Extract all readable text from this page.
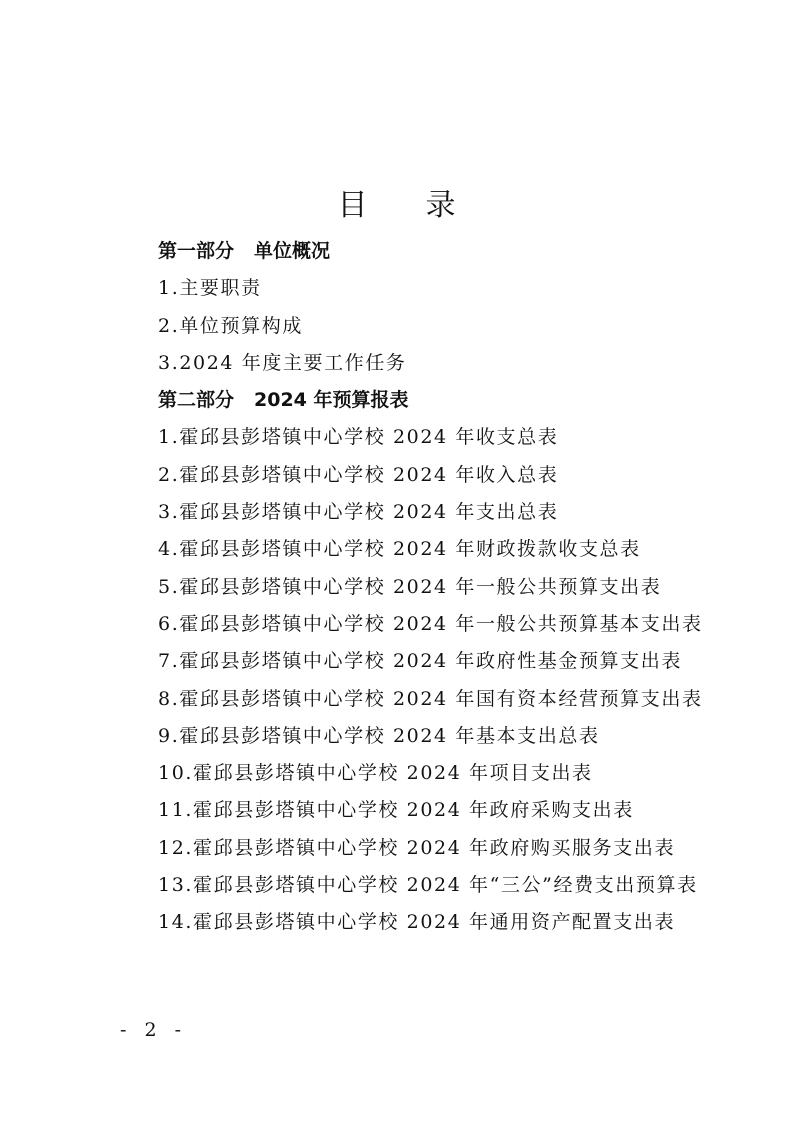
目 录
第一部分 单位概况
1.主要职责
2.单位预算构成
3.2024 年度主要工作任务
第二部分 2024 年预算报表
1.霍邱县彭塔镇中心学校 2024 年收支总表
2.霍邱县彭塔镇中心学校 2024 年收入总表
3.霍邱县彭塔镇中心学校 2024 年支出总表
4.霍邱县彭塔镇中心学校 2024 年财政拨款收支总表
5.霍邱县彭塔镇中心学校 2024 年一般公共预算支出表
6.霍邱县彭塔镇中心学校 2024 年一般公共预算基本支出表
7.霍邱县彭塔镇中心学校 2024 年政府性基金预算支出表
8.霍邱县彭塔镇中心学校 2024 年国有资本经营预算支出表
9.霍邱县彭塔镇中心学校 2024 年基本支出总表
10.霍邱县彭塔镇中心学校 2024 年项目支出表
11.霍邱县彭塔镇中心学校 2024 年政府采购支出表
12.霍邱县彭塔镇中心学校 2024 年政府购买服务支出表
13.霍邱县彭塔镇中心学校 2024 年“三公”经费支出预算表
14.霍邱县彭塔镇中心学校 2024 年通用资产配置支出表
- 2 -
